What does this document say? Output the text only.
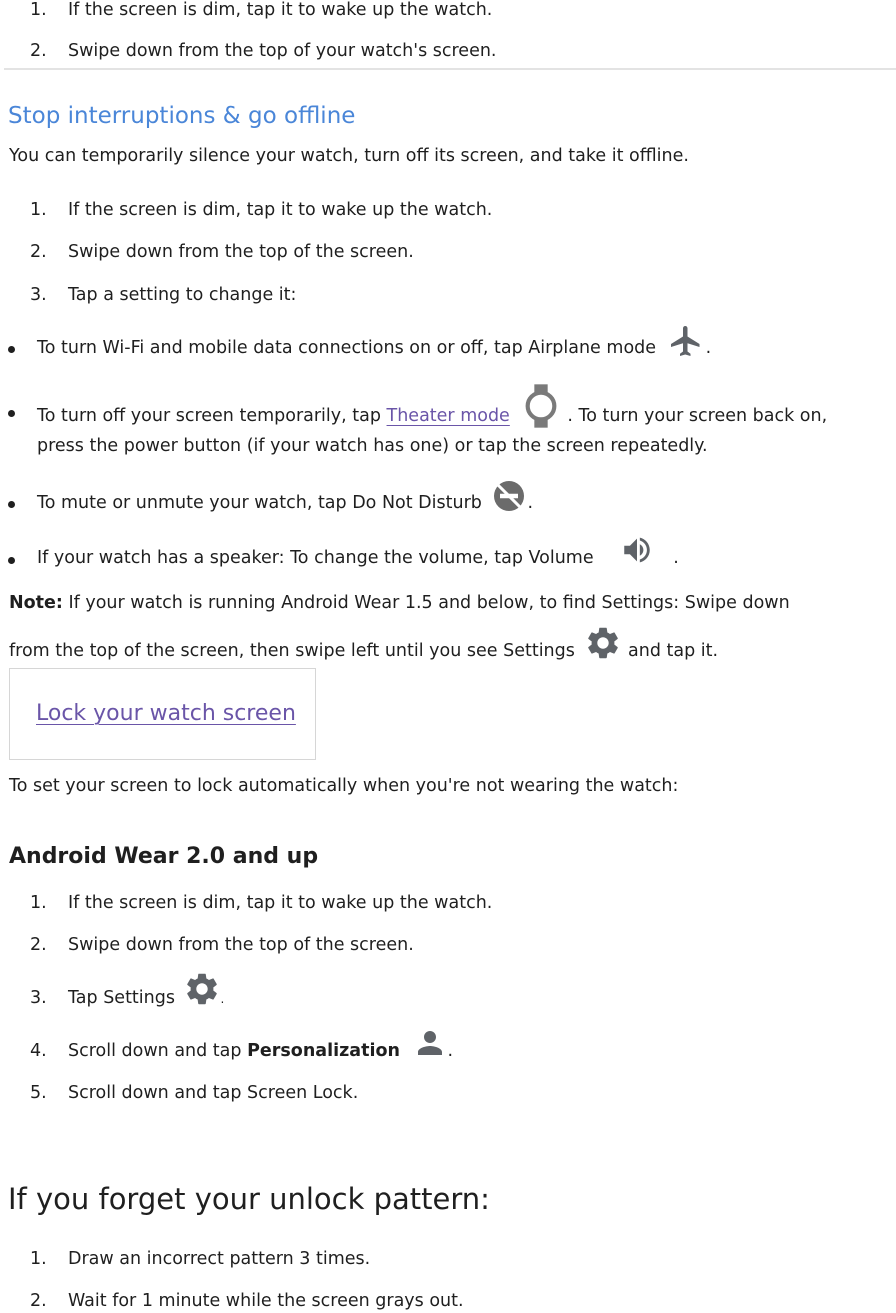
1. If the screen is dim, tap it to wake up the watch.
2. Swipe down from the top of your watch's screen.
Stop interruptions & go offline
You can temporarily silence your watch, turn off its screen, and take it offline.
1. If the screen is dim, tap it to wake up the watch.
2. Swipe down from the top of the screen.
3. Tap a setting to change it:
To turn Wi-Fi and mobile data connections on or off, tap Airplane mode	.
To turn off your screen temporarily, tap Theater mode	. To turn your screen back on,
press the power button (if your watch has one) or tap the screen repeatedly.
To mute or unmute your watch, tap Do Not Disturb	.
If your watch has a speaker: To change the volume, tap Volume	.
Note: If your watch is running Android Wear 1.5 and below, to find Settings: Swipe down
from the top of the screen, then swipe left until you see Settings	and tap it.
Lock your watch screen
To set your screen to lock automatically when you're not wearing the watch:
Android Wear 2.0 and up
1. If the screen is dim, tap it to wake up the watch.
2. Swipe down from the top of the screen.
3. Tap Settings	.
4. Scroll down and tap Personalization	.
5. Scroll down and tap Screen Lock.
If you forget your unlock pattern:
1. Draw an incorrect pattern 3 times.
2. Wait for 1 minute while the screen grays out.
